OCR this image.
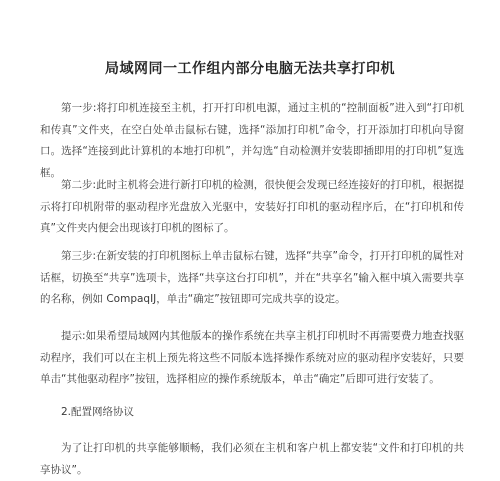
局域网同一工作组内部分电脑无法共享打印机

第一步:将打印机连接至主机，打开打印机电源，通过主机的“控制面板”进入到“打印机和传真”文件夹，在空白处单击鼠标右键，选择“添加打印机”命令，打开添加打印机向导窗口。选择“连接到此计算机的本地打印机”，并勾选“自动检测并安装即插即用的打印机”复选框。

第二步:此时主机将会进行新打印机的检测，很快便会发现已经连接好的打印机，根据提示将打印机附带的驱动程序光盘放入光驱中，安装好打印机的驱动程序后，在“打印机和传真”文件夹内便会出现该打印机的图标了。

第三步:在新安装的打印机图标上单击鼠标右键，选择“共享”命令，打开打印机的属性对话框，切换至“共享”选项卡，选择“共享这台打印机”，并在“共享名”输入框中填入需要共享的名称，例如 CompaqIJ，单击“确定”按钮即可完成共享的设定。

提示:如果希望局域网内其他版本的操作系统在共享主机打印机时不再需要费力地查找驱动程序，我们可以在主机上预先将这些不同版本选择操作系统对应的驱动程序安装好，只要单击“其他驱动程序”按钮，选择相应的操作系统版本，单击“确定”后即可进行安装了。

2.配置网络协议

为了让打印机的共享能够顺畅，我们必须在主机和客户机上都安装“文件和打印机的共享协议”。
